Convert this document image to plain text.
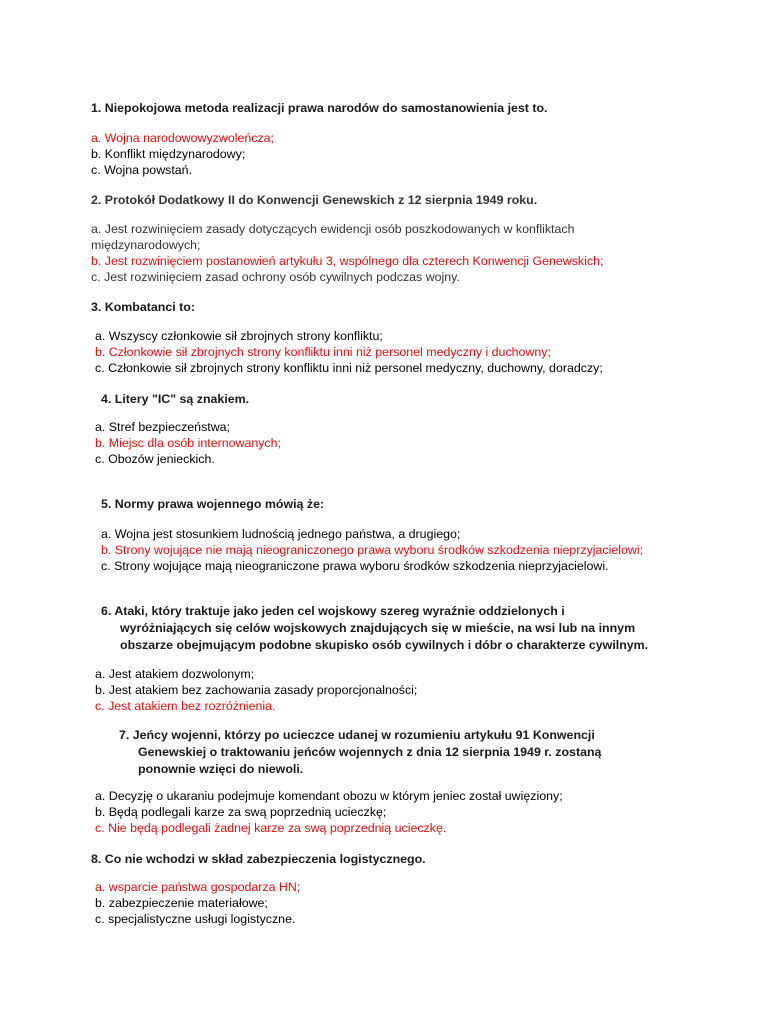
1. Niepokojowa metoda realizacji prawa narodów do samostanowienia jest to.
a. Wojna narodowowyzwoleńcza;
b. Konflikt międzynarodowy;
c. Wojna powstań.
2. Protokół Dodatkowy II do Konwencji Genewskich z 12 sierpnia 1949 roku.
a. Jest rozwinięciem zasady dotyczących ewidencji osób poszkodowanych w konfliktach
międzynarodowych;
b. Jest rozwinięciem postanowień artykułu 3, wspólnego dla czterech Konwencji Genewskich;
c. Jest rozwinięciem zasad ochrony osób cywilnych podczas wojny.
3. Kombatanci to:
a. Wszyscy członkowie sił zbrojnych strony konfliktu;
b. Członkowie sił zbrojnych strony konfliktu inni niż personel medyczny i duchowny;
c. Członkowie sił zbrojnych strony konfliktu inni niż personel medyczny, duchowny, doradczy;
4. Litery "IC" są znakiem.
a. Stref bezpieczeństwa;
b. Miejsc dla osób internowanych;
c. Obozów jenieckich.
5. Normy prawa wojennego mówią że:
a. Wojna jest stosunkiem ludnością jednego państwa, a drugiego;
b. Strony wojujące nie mają nieograniczonego prawa wyboru środków szkodzenia nieprzyjacielowi;
c. Strony wojujące mają nieograniczone prawa wyboru środków szkodzenia nieprzyjacielowi.
6. Ataki, który traktuje jako jeden cel wojskowy szereg wyraźnie oddzielonych i
wyróżniających się celów wojskowych znajdujących się w mieście, na wsi lub na innym
obszarze obejmującym podobne skupisko osób cywilnych i dóbr o charakterze cywilnym.
a. Jest atakiem dozwolonym;
b. Jest atakiem bez zachowania zasady proporcjonalności;
c. Jest atakiem bez rozróżnienia.
7. Jeńcy wojenni, którzy po ucieczce udanej w rozumieniu artykułu 91 Konwencji
Genewskiej o traktowaniu jeńców wojennych z dnia 12 sierpnia 1949 r. zostaną
ponownie wzięci do niewoli.
a. Decyzję o ukaraniu podejmuje komendant obozu w którym jeniec został uwięziony;
b. Będą podlegali karze za swą poprzednią ucieczkę;
c. Nie będą podlegali żadnej karze za swą poprzednią ucieczkę.
8. Co nie wchodzi w skład zabezpieczenia logistycznego.
a. wsparcie państwa gospodarza HN;
b. zabezpieczenie materiałowe;
c. specjalistyczne usługi logistyczne.
